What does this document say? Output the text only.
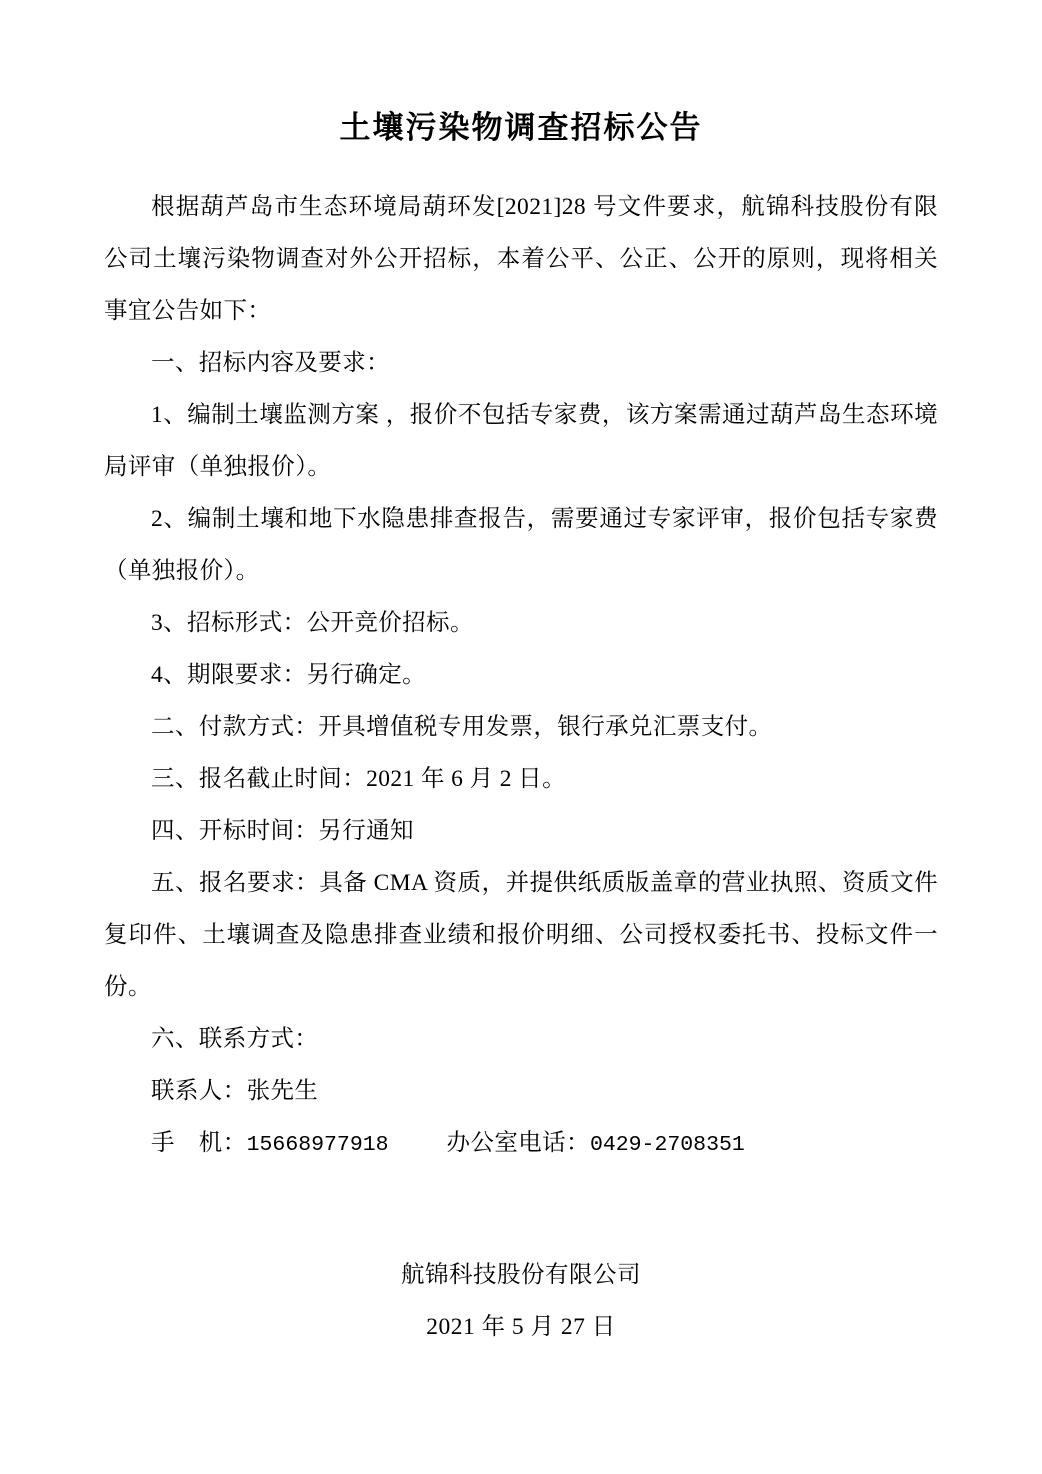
土壤污染物调查招标公告

根据葫芦岛市生态环境局葫环发[2021]28 号文件要求，航锦科技股份有限公司土壤污染物调查对外公开招标，本着公平、公正、公开的原则，现将相关事宜公告如下：

一、招标内容及要求：

1、编制土壤监测方案 ，报价不包括专家费，该方案需通过葫芦岛生态环境局评审（单独报价）。

2、编制土壤和地下水隐患排查报告，需要通过专家评审，报价包括专家费（单独报价）。

3、招标形式：公开竞价招标。

4、期限要求：另行确定。

二、付款方式：开具增值税专用发票，银行承兑汇票支付。

三、报名截止时间：2021 年 6 月 2 日。

四、开标时间：另行通知

五、报名要求：具备 CMA 资质，并提供纸质版盖章的营业执照、资质文件复印件、土壤调查及隐患排查业绩和报价明细、公司授权委托书、投标文件一份。

六、联系方式：

联系人：张先生

手　机：15668977918 办公室电话：0429-2708351

航锦科技股份有限公司
2021 年 5 月 27 日
